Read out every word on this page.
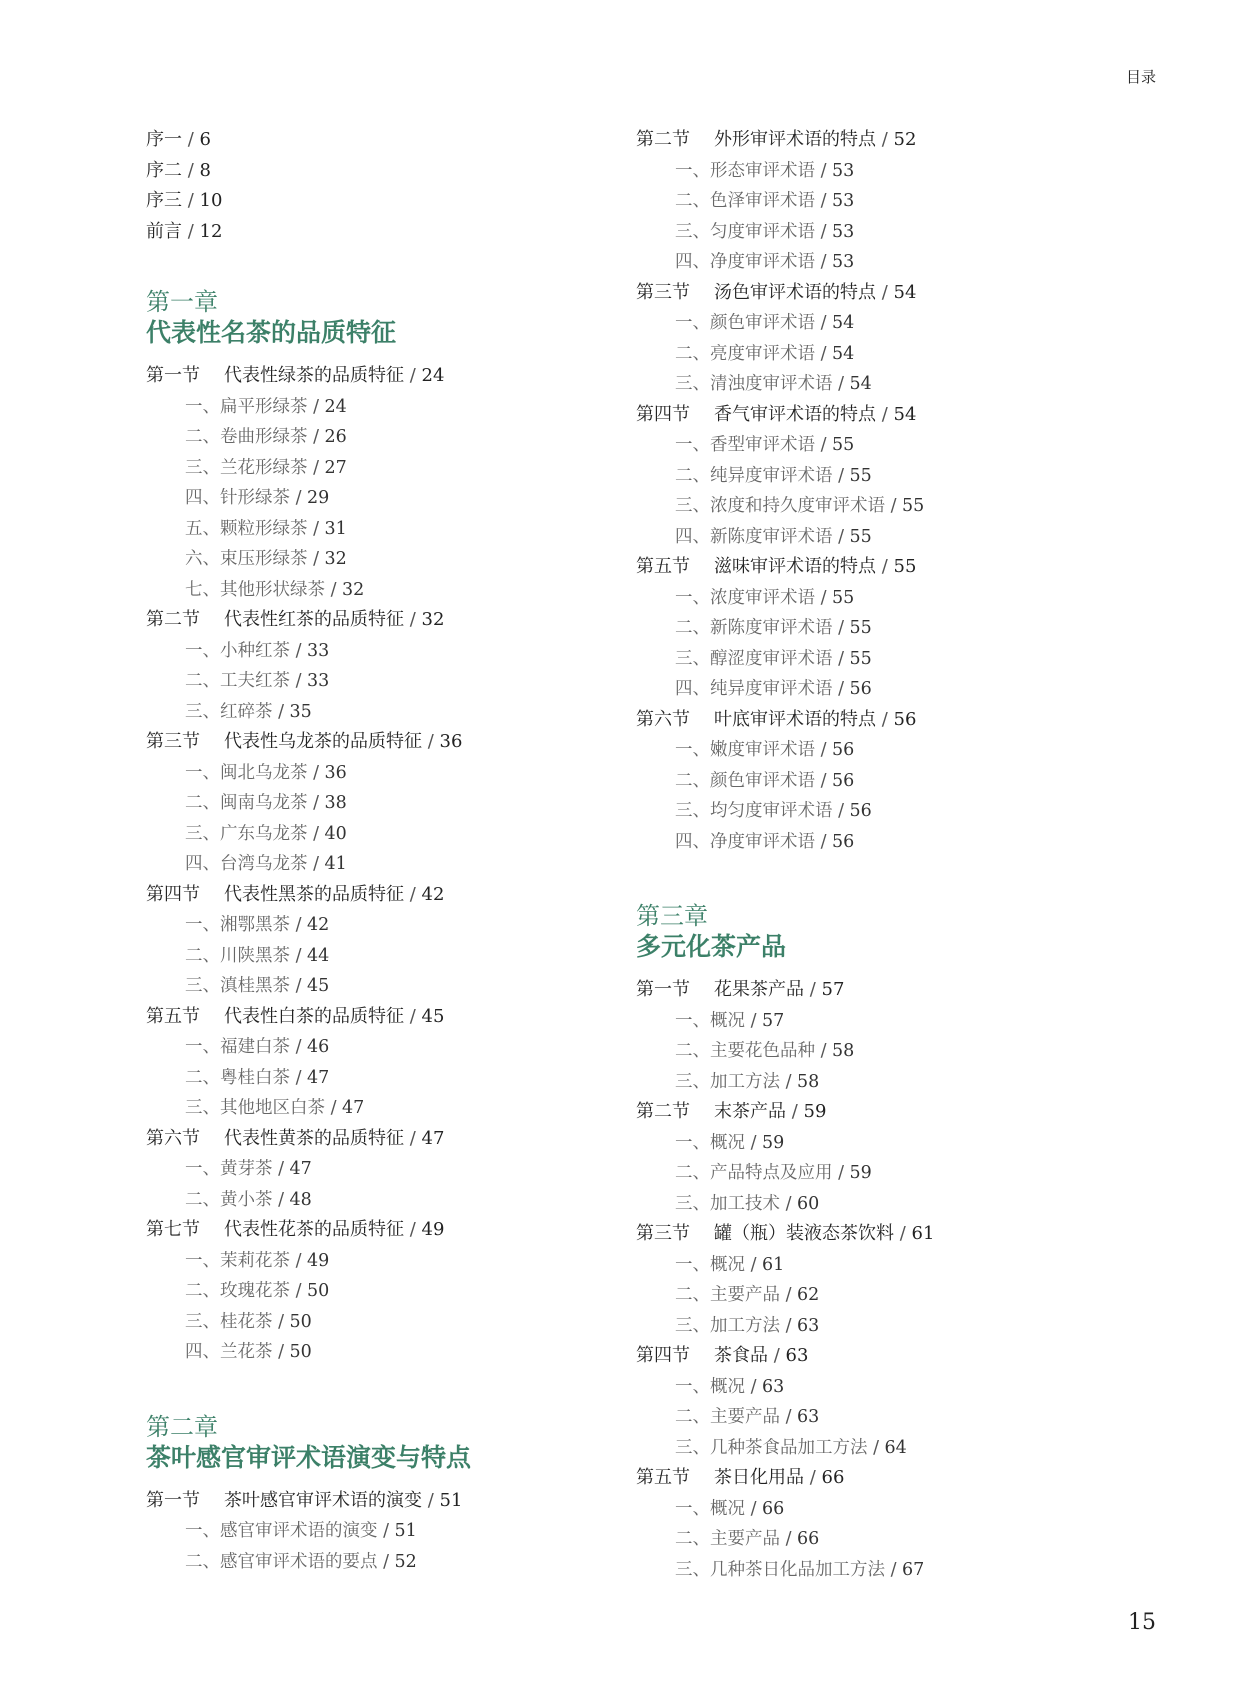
目录
序一 / 6
序二 / 8
序三 / 10
前言 / 12
第一章
代表性名茶的品质特征
第一节 代表性绿茶的品质特征 / 24
一、扁平形绿茶 / 24
二、卷曲形绿茶 / 26
三、兰花形绿茶 / 27
四、针形绿茶 / 29
五、颗粒形绿茶 / 31
六、束压形绿茶 / 32
七、其他形状绿茶 / 32
第二节 代表性红茶的品质特征 / 32
一、小种红茶 / 33
二、工夫红茶 / 33
三、红碎茶 / 35
第三节 代表性乌龙茶的品质特征 / 36
一、闽北乌龙茶 / 36
二、闽南乌龙茶 / 38
三、广东乌龙茶 / 40
四、台湾乌龙茶 / 41
第四节 代表性黑茶的品质特征 / 42
一、湘鄂黑茶 / 42
二、川陕黑茶 / 44
三、滇桂黑茶 / 45
第五节 代表性白茶的品质特征 / 45
一、福建白茶 / 46
二、粤桂白茶 / 47
三、其他地区白茶 / 47
第六节 代表性黄茶的品质特征 / 47
一、黄芽茶 / 47
二、黄小茶 / 48
第七节 代表性花茶的品质特征 / 49
一、茉莉花茶 / 49
二、玫瑰花茶 / 50
三、桂花茶 / 50
四、兰花茶 / 50
第二章
茶叶感官审评术语演变与特点
第一节 茶叶感官审评术语的演变 / 51
一、感官审评术语的演变 / 51
二、感官审评术语的要点 / 52
第二节 外形审评术语的特点 / 52
一、形态审评术语 / 53
二、色泽审评术语 / 53
三、匀度审评术语 / 53
四、净度审评术语 / 53
第三节 汤色审评术语的特点 / 54
一、颜色审评术语 / 54
二、亮度审评术语 / 54
三、清浊度审评术语 / 54
第四节 香气审评术语的特点 / 54
一、香型审评术语 / 55
二、纯异度审评术语 / 55
三、浓度和持久度审评术语 / 55
四、新陈度审评术语 / 55
第五节 滋味审评术语的特点 / 55
一、浓度审评术语 / 55
二、新陈度审评术语 / 55
三、醇涩度审评术语 / 55
四、纯异度审评术语 / 56
第六节 叶底审评术语的特点 / 56
一、嫩度审评术语 / 56
二、颜色审评术语 / 56
三、均匀度审评术语 / 56
四、净度审评术语 / 56
第三章
多元化茶产品
第一节 花果茶产品 / 57
一、概况 / 57
二、主要花色品种 / 58
三、加工方法 / 58
第二节 末茶产品 / 59
一、概况 / 59
二、产品特点及应用 / 59
三、加工技术 / 60
第三节 罐（瓶）装液态茶饮料 / 61
一、概况 / 61
二、主要产品 / 62
三、加工方法 / 63
第四节 茶食品 / 63
一、概况 / 63
二、主要产品 / 63
三、几种茶食品加工方法 / 64
第五节 茶日化用品 / 66
一、概况 / 66
二、主要产品 / 66
三、几种茶日化品加工方法 / 67
15
